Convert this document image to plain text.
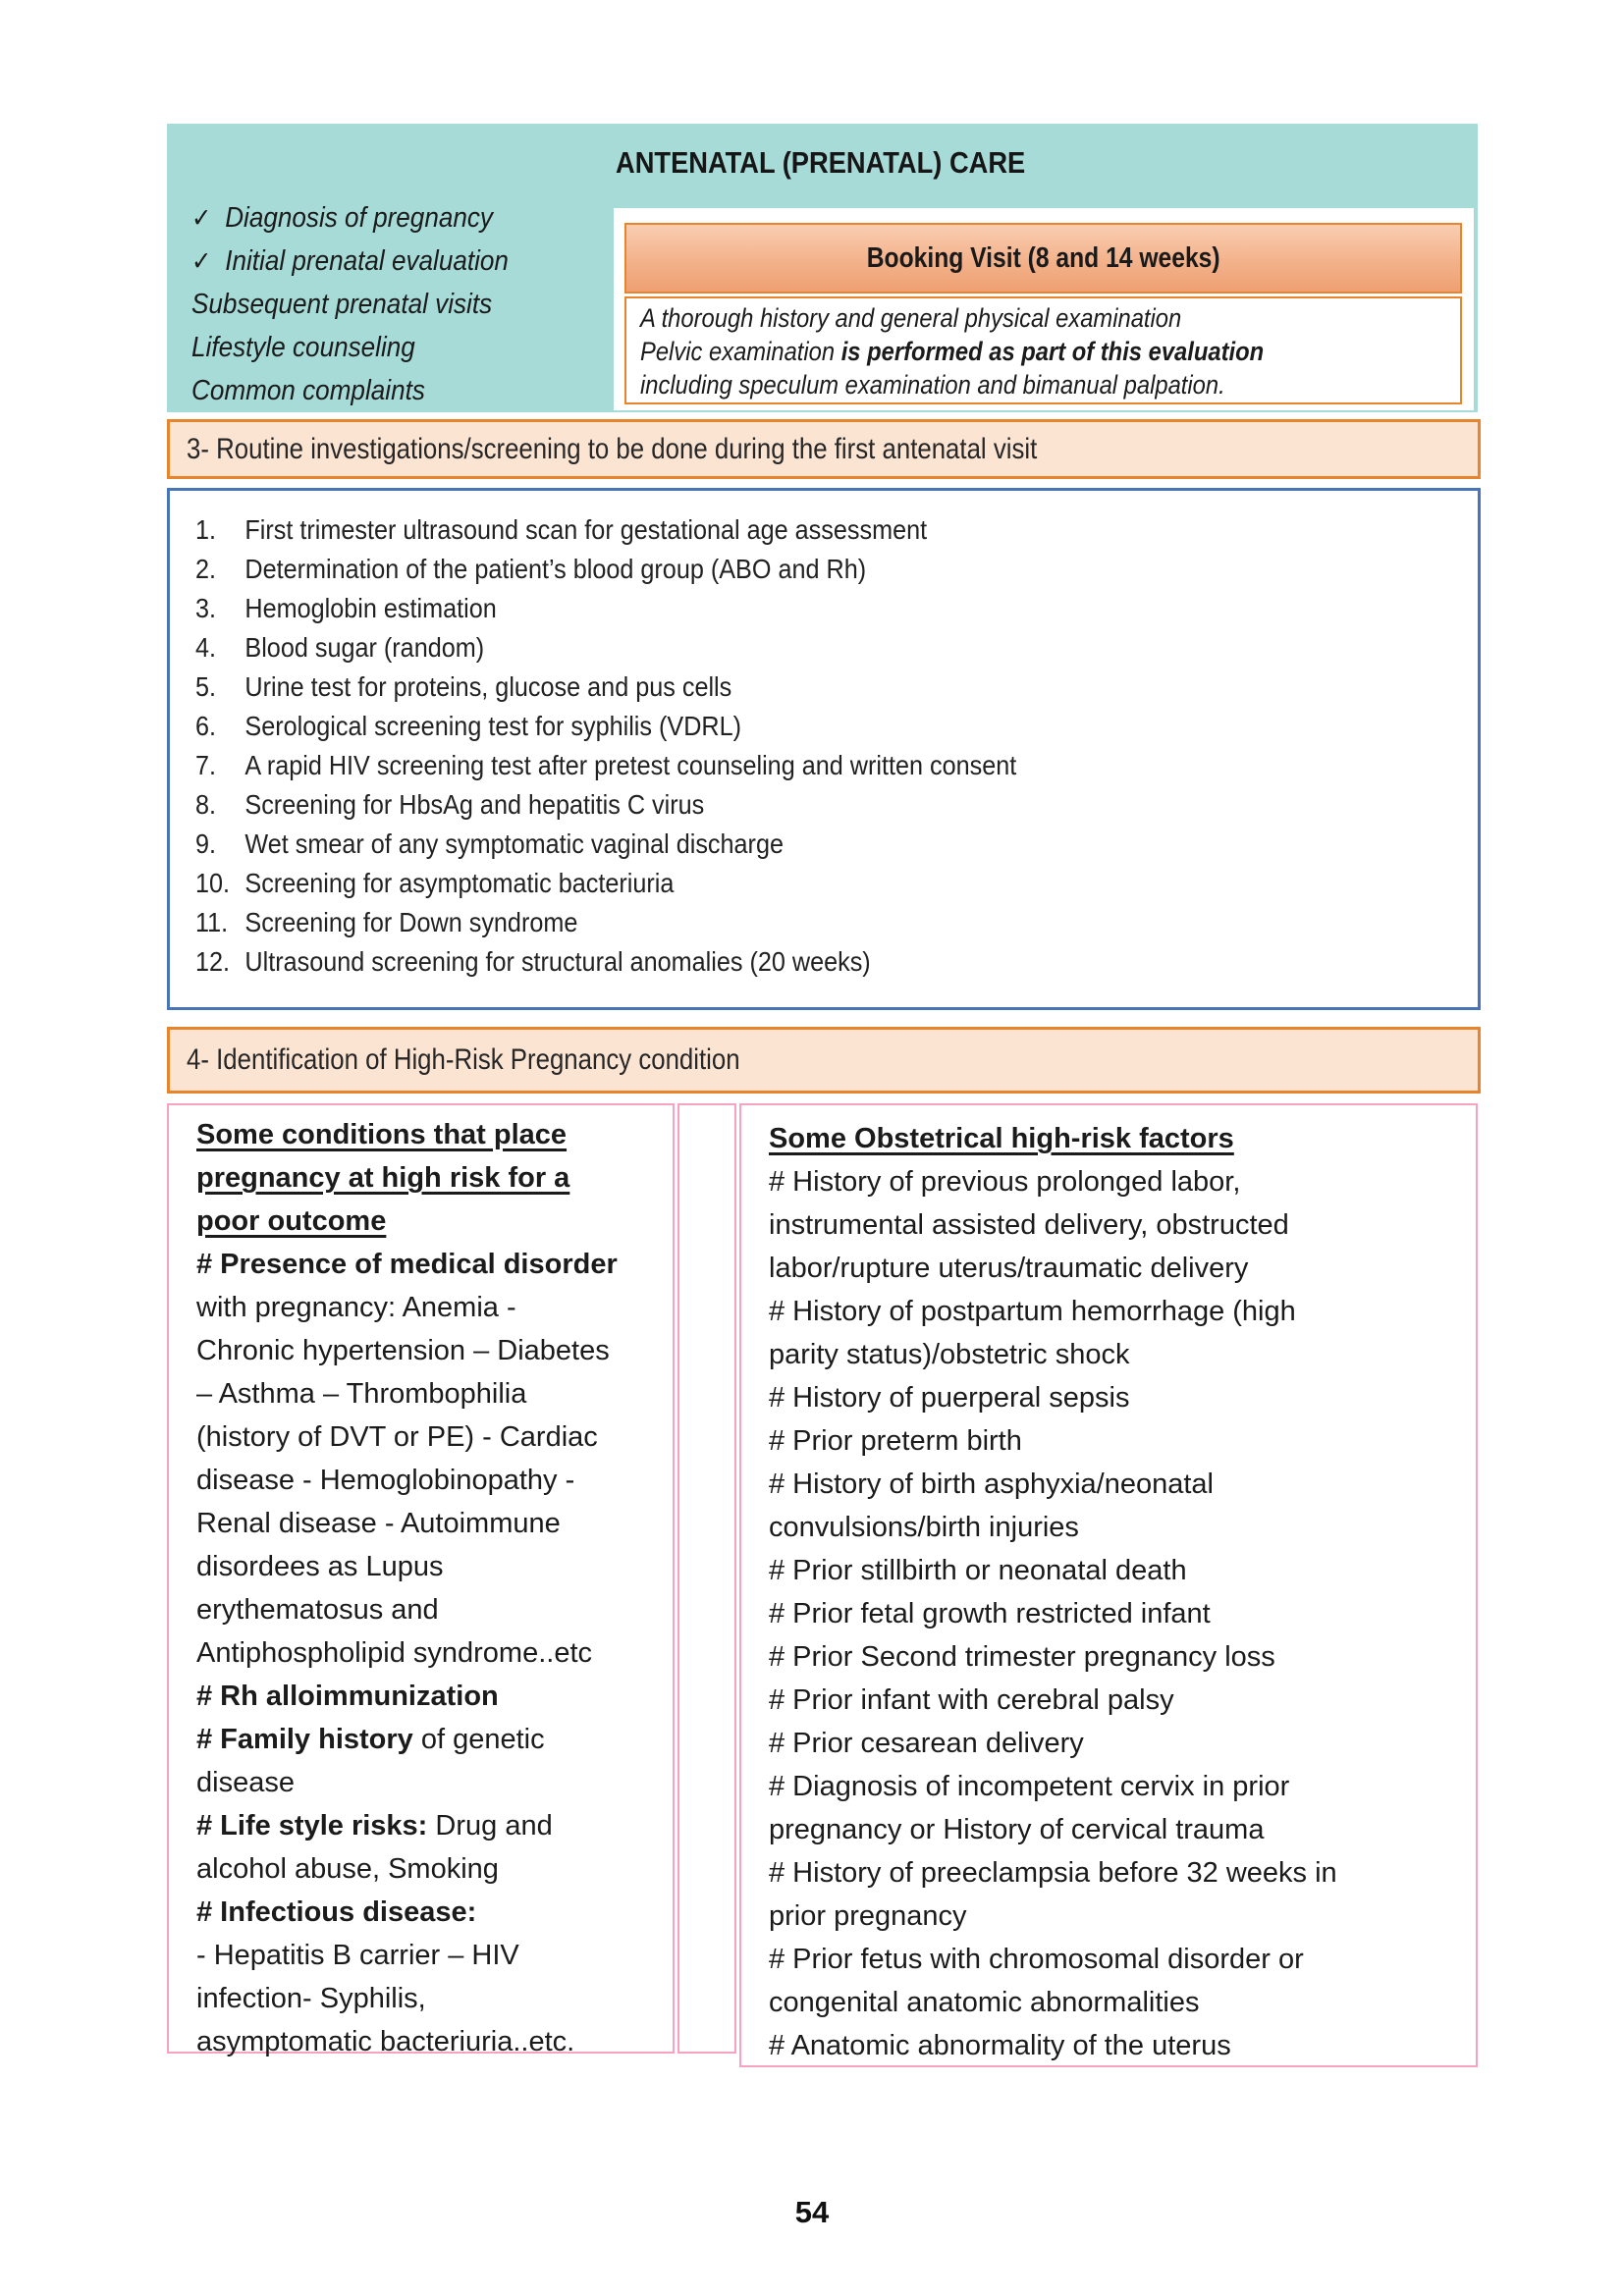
ANTENATAL (PRENATAL) CARE
✓ Diagnosis of pregnancy
✓ Initial prenatal evaluation
Subsequent prenatal visits
Lifestyle counseling
Common complaints
Booking Visit (8 and 14 weeks)
A thorough history and general physical examination
Pelvic examination is performed as part of this evaluation
including speculum examination and bimanual palpation.
3- Routine investigations/screening to be done during the first antenatal visit
1. First trimester ultrasound scan for gestational age assessment
2. Determination of the patient’s blood group (ABO and Rh)
3. Hemoglobin estimation
4. Blood sugar (random)
5. Urine test for proteins, glucose and pus cells
6. Serological screening test for syphilis (VDRL)
7. A rapid HIV screening test after pretest counseling and written consent
8. Screening for HbsAg and hepatitis C virus
9. Wet smear of any symptomatic vaginal discharge
10. Screening for asymptomatic bacteriuria
11. Screening for Down syndrome
12. Ultrasound screening for structural anomalies (20 weeks)
4- Identification of High-Risk Pregnancy condition
Some conditions that place
pregnancy at high risk for a
poor outcome
# Presence of medical disorder
with pregnancy: Anemia -
Chronic hypertension – Diabetes
– Asthma – Thrombophilia
(history of DVT or PE) - Cardiac
disease - Hemoglobinopathy -
Renal disease - Autoimmune
disordees as Lupus
erythematosus and
Antiphospholipid syndrome..etc
# Rh alloimmunization
# Family history of genetic
disease
# Life style risks: Drug and
alcohol abuse, Smoking
# Infectious disease:
- Hepatitis B carrier – HIV
infection- Syphilis,
asymptomatic bacteriuria..etc.
Some Obstetrical high-risk factors
# History of previous prolonged labor,
instrumental assisted delivery, obstructed
labor/rupture uterus/traumatic delivery
# History of postpartum hemorrhage (high
parity status)/obstetric shock
# History of puerperal sepsis
# Prior preterm birth
# History of birth asphyxia/neonatal
convulsions/birth injuries
# Prior stillbirth or neonatal death
# Prior fetal growth restricted infant
# Prior Second trimester pregnancy loss
# Prior infant with cerebral palsy
# Prior cesarean delivery
# Diagnosis of incompetent cervix in prior
pregnancy or History of cervical trauma
# History of preeclampsia before 32 weeks in
prior pregnancy
# Prior fetus with chromosomal disorder or
congenital anatomic abnormalities
# Anatomic abnormality of the uterus
54
